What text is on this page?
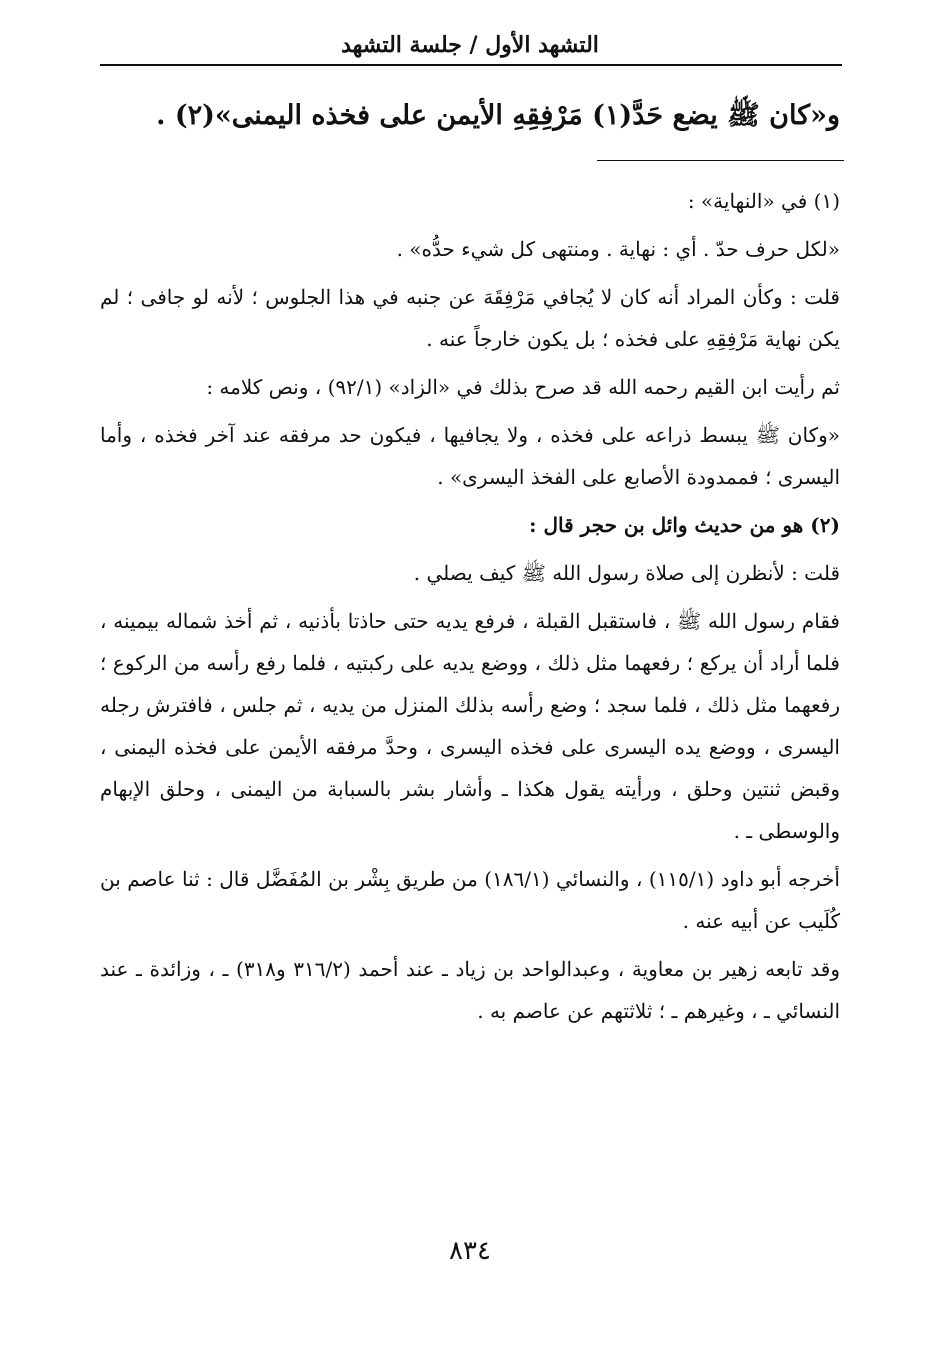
التشهد الأول / جلسة التشهد
و«كان ﷺ يضع حَدَّ(١) مَرْفِقِهِ الأيمن على فخذه اليمنى»(٢) .

(١) في «النهاية» :

«لكل حرف حدّ . أي : نهاية . ومنتهى كل شيء حدُّه» .

قلت : وكأن المراد أنه كان لا يُجافي مَرْفِقَهَ عن جنبه في هذا الجلوس ؛ لأنه لو جافى ؛ لم يكن نهاية مَرْفِقِهِ على فخذه ؛ بل يكون خارجاً عنه .

ثم رأيت ابن القيم رحمه الله قد صرح بذلك في «الزاد» (٩٢/١) ، ونص كلامه :

«وكان ﷺ يبسط ذراعه على فخذه ، ولا يجافيها ، فيكون حد مرفقه عند آخر فخذه ، وأما اليسرى ؛ فممدودة الأصابع على الفخذ اليسرى» .

(٢) هو من حديث وائل بن حجر قال :

قلت : لأنظرن إلى صلاة رسول الله ﷺ كيف يصلي .

فقام رسول الله ﷺ ، فاستقبل القبلة ، فرفع يديه حتى حاذتا بأذنيه ، ثم أخذ شماله بيمينه ، فلما أراد أن يركع ؛ رفعهما مثل ذلك ، ووضع يديه على ركبتيه ، فلما رفع رأسه من الركوع ؛ رفعهما مثل ذلك ، فلما سجد ؛ وضع رأسه بذلك المنزل من يديه ، ثم جلس ، فافترش رجله اليسرى ، ووضع يده اليسرى على فخذه اليسرى ، وحدَّ مرفقه الأيمن على فخذه اليمنى ، وقبض ثنتين وحلق ، ورأيته يقول هكذا ـ وأشار بشر بالسبابة من اليمنى ، وحلق الإبهام والوسطى ـ .

أخرجه أبو داود (١١٥/١) ، والنسائي (١٨٦/١) من طريق بِشْر بن المُفَضَّل قال : ثنا عاصم بن كُلَيب عن أبيه عنه .

وقد تابعه زهير بن معاوية ، وعبدالواحد بن زياد ـ عند أحمد (٣١٦/٢ و٣١٨) ـ ، وزائدة ـ عند النسائي ـ ، وغيرهم ـ ؛ ثلاثتهم عن عاصم به .

٨٣٤
